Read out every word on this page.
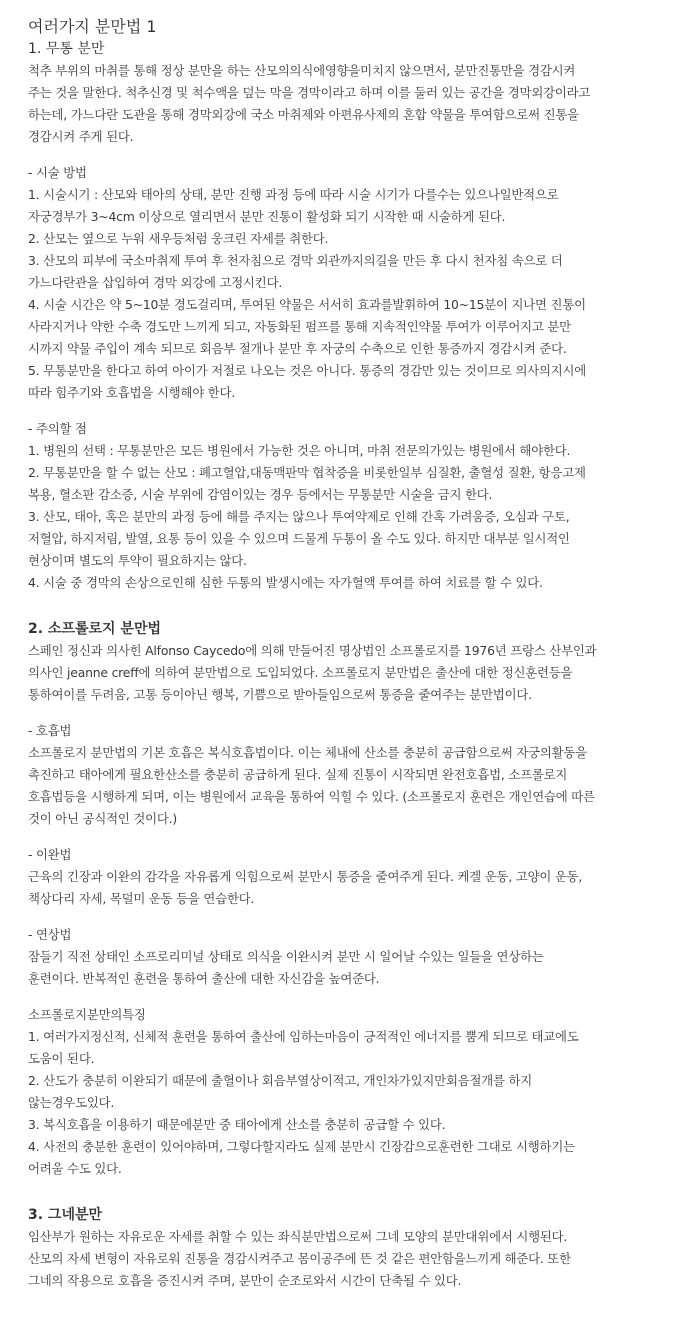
여러가지 분만법 1
1. 무통 분만

척추 부위의 마취를 통해 정상 분만을 하는 산모의의식에영향을미치지 않으면서, 분만진통만을 경감시켜

주는 것을 말한다. 척추신경 및 척수액을 덮는 막을 경막이라고 하며 이를 둘러 있는 공간을 경막외강이라고

하는데, 가느다란 도관을 통해 경막외강에 국소 마취제와 아편유사제의 혼합 약물을 투여함으로써 진통을

경감시켜 주게 된다.

- 시술 방법

1. 시술시기 : 산모와 태아의 상태, 분만 진행 과정 등에 따라 시술 시기가 다를수는 있으나일반적으로

자궁경부가 3~4cm 이상으로 열리면서 분만 진통이 활성화 되기 시작한 때 시술하게 된다.

2. 산모는 옆으로 누워 새우등처럼 웅크린 자세를 취한다.

3. 산모의 피부에 국소마취제 투여 후 천자침으로 경막 외관까지의길을 만든 후 다시 천자침 속으로 더

가느다란관을 삽입하여 경막 외강에 고정시킨다.

4. 시술 시간은 약 5~10분 경도걸리며, 투여된 약물은 서서히 효과를발휘하여 10~15분이 지나면 진통이

사라지거나 약한 수축 경도만 느끼게 되고, 자동화된 펌프를 통해 지속적인약물 투여가 이루어지고 분만

시까지 약물 주입이 계속 되므로 회음부 절개나 분만 후 자궁의 수축으로 인한 통증까지 경감시켜 준다.

5. 무통분만을 한다고 하여 아이가 저절로 나오는 것은 아니다. 통증의 경감만 있는 것이므로 의사의지시에

따라 힘주기와 호흡법을 시행해야 한다.

- 주의할 점

1. 병원의 선택 : 무통분만은 모든 병원에서 가능한 것은 아니며, 마취 전문의가있는 병원에서 해야한다.

2. 무통분만을 할 수 없는 산모 : 폐고혈압,대동맥판막 협착증을 비롯한일부 심질환, 출혈성 질환, 항응고제

복용, 혈소판 감소증, 시술 부위에 감염이있는 경우 등에서는 무통분만 시술을 금지 한다.

3. 산모, 태아, 혹은 분만의 과정 등에 해를 주지는 않으나 투여약제로 인해 간혹 가려움증, 오심과 구토,

저혈압, 하지저림, 발열, 요통 등이 있을 수 있으며 드물게 두통이 올 수도 있다. 하지만 대부분 일시적인

현상이며 별도의 투약이 필요하지는 않다.

4. 시술 중 경막의 손상으로인해 심한 두통의 발생시에는 자가혈액 투여를 하여 치료를 할 수 있다.

2. 소프롤로지 분만법

스페인 정신과 의사힌 Alfonso Caycedo에 의해 만들어진 명상법인 소프롤로지를 1976년 프랑스 산부인과

의사인 jeanne creff에 의하여 분만법으로 도입되었다. 소프롤로지 분만법은 출산에 대한 정신훈련등을

통하여이를 두려움, 고통 등이아닌 행복, 기쁨으로 받아들임으로써 통증을 줄여주는 분만법이다.

- 호흡법

소프롤로지 분만법의 기본 호흡은 복식호흡법이다. 이는 체내에 산소를 충분히 공급함으로써 자궁의활동을

촉진하고 태아에게 필요한산소를 충분히 공급하게 된다. 실제 진통이 시작되면 완전호흡법, 소프롤로지

호흡법등을 시행하게 되며, 이는 병원에서 교육을 통하여 익힐 수 있다. (소프롤로지 훈련은 개인연습에 따른

것이 아닌 공식적인 것이다.)

- 이완법

근육의 긴장과 이완의 감각을 자유롭게 익힘으로써 분만시 통증을 줄여주게 된다. 케겔 운동, 고양이 운동,

책상다리 자세, 목덜미 운동 등을 연습한다.

- 연상법

잠들기 직전 상태인 소프로리미널 상태로 의식을 이완시켜 분만 시 일어날 수있는 일들을 연상하는

훈련이다. 반복적인 훈련을 통하여 출산에 대한 자신감을 높여준다.

소프롤로지분만의특징

1. 여러가지정신적, 신체적 훈련을 통하여 출산에 임하는마음이 긍적적인 에너지를 뿜게 되므로 태교에도

도움이 된다.

2. 산도가 충분히 이완되기 때문에 출혈이나 회음부열상이적고, 개인차가있지만회음절개를 하지

않는경우도있다.

3. 복식호흡을 이용하기 때문에분만 중 태아에게 산소를 충분히 공급할 수 있다.

4. 사전의 충분한 훈련이 있어야하며, 그렇다할지라도 실제 분만시 긴장감으로훈련한 그대로 시행하기는

어려울 수도 있다.

3. 그네분만

임산부가 원하는 자유로운 자세를 취할 수 있는 좌식분만법으로써 그네 모양의 분만대위에서 시행된다.

산모의 자세 변형이 자유로워 진통을 경감시켜주고 몸이공주에 뜬 것 같은 편안함을느끼게 해준다. 또한

그네의 작용으로 호흡을 증진시켜 주며, 분만이 순조로와서 시간이 단축될 수 있다.
